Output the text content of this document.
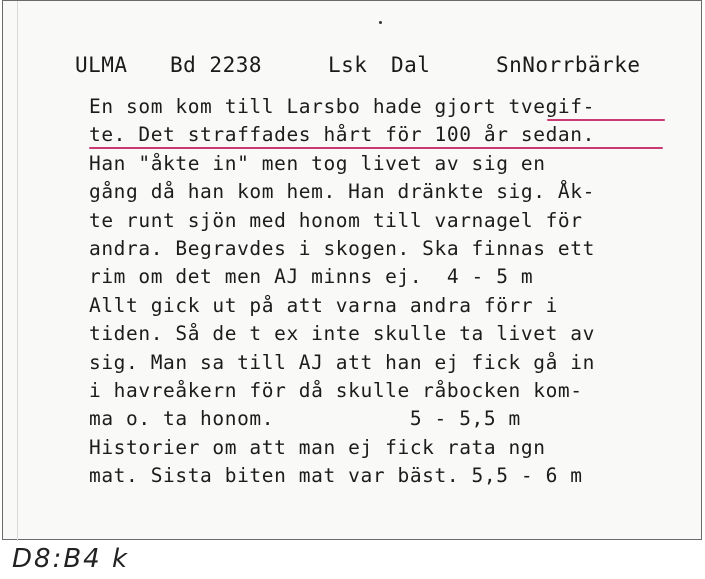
ULMA Bd 2238	Lsk Dal	SnNorrbärke
En som kom till Larsbo hade gjort tvegif-
te. Det straffades hårt för 100 år sedan.
Han "åkte in" men tog livet av sig en
gång då han kom hem. Han dränkte sig. Åk-
te runt sjön med honom till varnagel för
andra. Begravdes i skogen. Ska finnas ett
rim om det men AJ minns ej.  4 - 5 m
Allt gick ut på att varna andra förr i
tiden. Så de t ex inte skulle ta livet av
sig. Man sa till AJ att han ej fick gå in
i havreåkern för då skulle råbocken kom-
ma o. ta honom.           5 - 5,5 m
Historier om att man ej fick rata ngn
mat. Sista biten mat var bäst. 5,5 - 6 m
D8:B4 k
